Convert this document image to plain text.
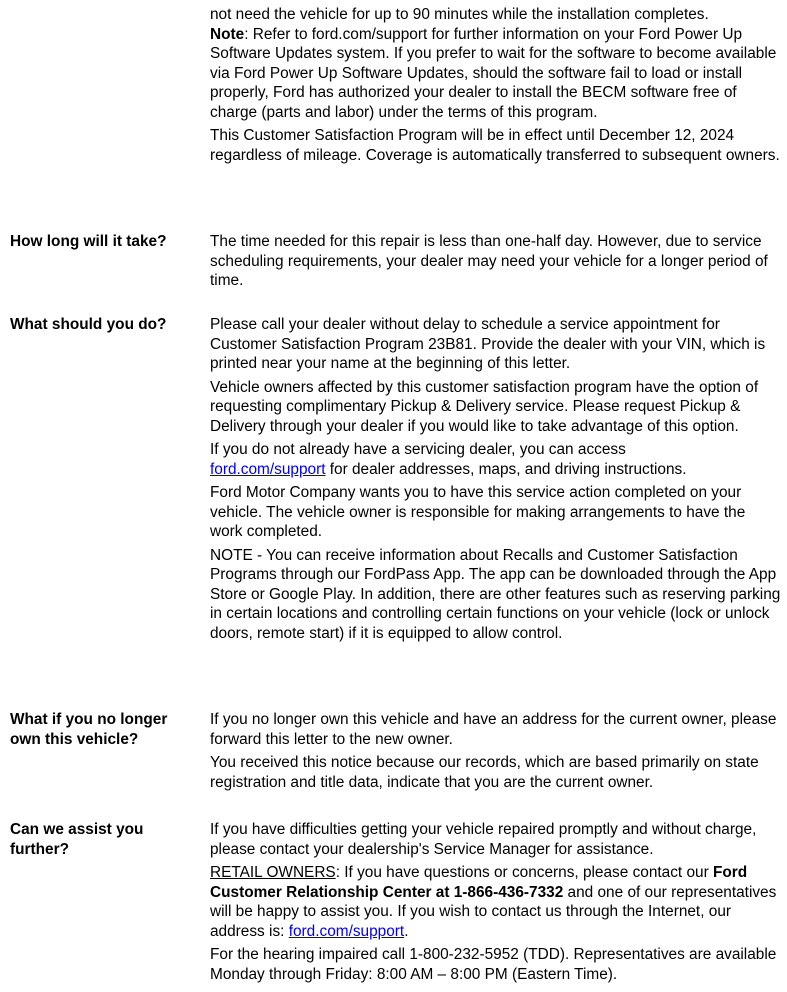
not need the vehicle for up to 90 minutes while the installation completes.
Note: Refer to ford.com/support for further information on your Ford Power Up Software Updates system. If you prefer to wait for the software to become available via Ford Power Up Software Updates, should the software fail to load or install properly, Ford has authorized your dealer to install the BECM software free of charge (parts and labor) under the terms of this program.

This Customer Satisfaction Program will be in effect until December 12, 2024 regardless of mileage. Coverage is automatically transferred to subsequent owners.

How long will it take?	The time needed for this repair is less than one-half day. However, due to service scheduling requirements, your dealer may need your vehicle for a longer period of time.

What should you do?	Please call your dealer without delay to schedule a service appointment for Customer Satisfaction Program 23B81. Provide the dealer with your VIN, which is printed near your name at the beginning of this letter.

Vehicle owners affected by this customer satisfaction program have the option of requesting complimentary Pickup & Delivery service. Please request Pickup & Delivery through your dealer if you would like to take advantage of this option.

If you do not already have a servicing dealer, you can access
ford.com/support for dealer addresses, maps, and driving instructions.

Ford Motor Company wants you to have this service action completed on your vehicle. The vehicle owner is responsible for making arrangements to have the work completed.

NOTE - You can receive information about Recalls and Customer Satisfaction Programs through our FordPass App. The app can be downloaded through the App Store or Google Play. In addition, there are other features such as reserving parking in certain locations and controlling certain functions on your vehicle (lock or unlock doors, remote start) if it is equipped to allow control.

What if you no longer
own this vehicle?

If you no longer own this vehicle and have an address for the current owner, please forward this letter to the new owner.

You received this notice because our records, which are based primarily on state registration and title data, indicate that you are the current owner.

Can we assist you
further?

If you have difficulties getting your vehicle repaired promptly and without charge, please contact your dealership's Service Manager for assistance.

RETAIL OWNERS: If you have questions or concerns, please contact our Ford Customer Relationship Center at 1-866-436-7332 and one of our representatives will be happy to assist you. If you wish to contact us through the Internet, our address is: ford.com/support.

For the hearing impaired call 1-800-232-5952 (TDD). Representatives are available Monday through Friday: 8:00 AM – 8:00 PM (Eastern Time).
